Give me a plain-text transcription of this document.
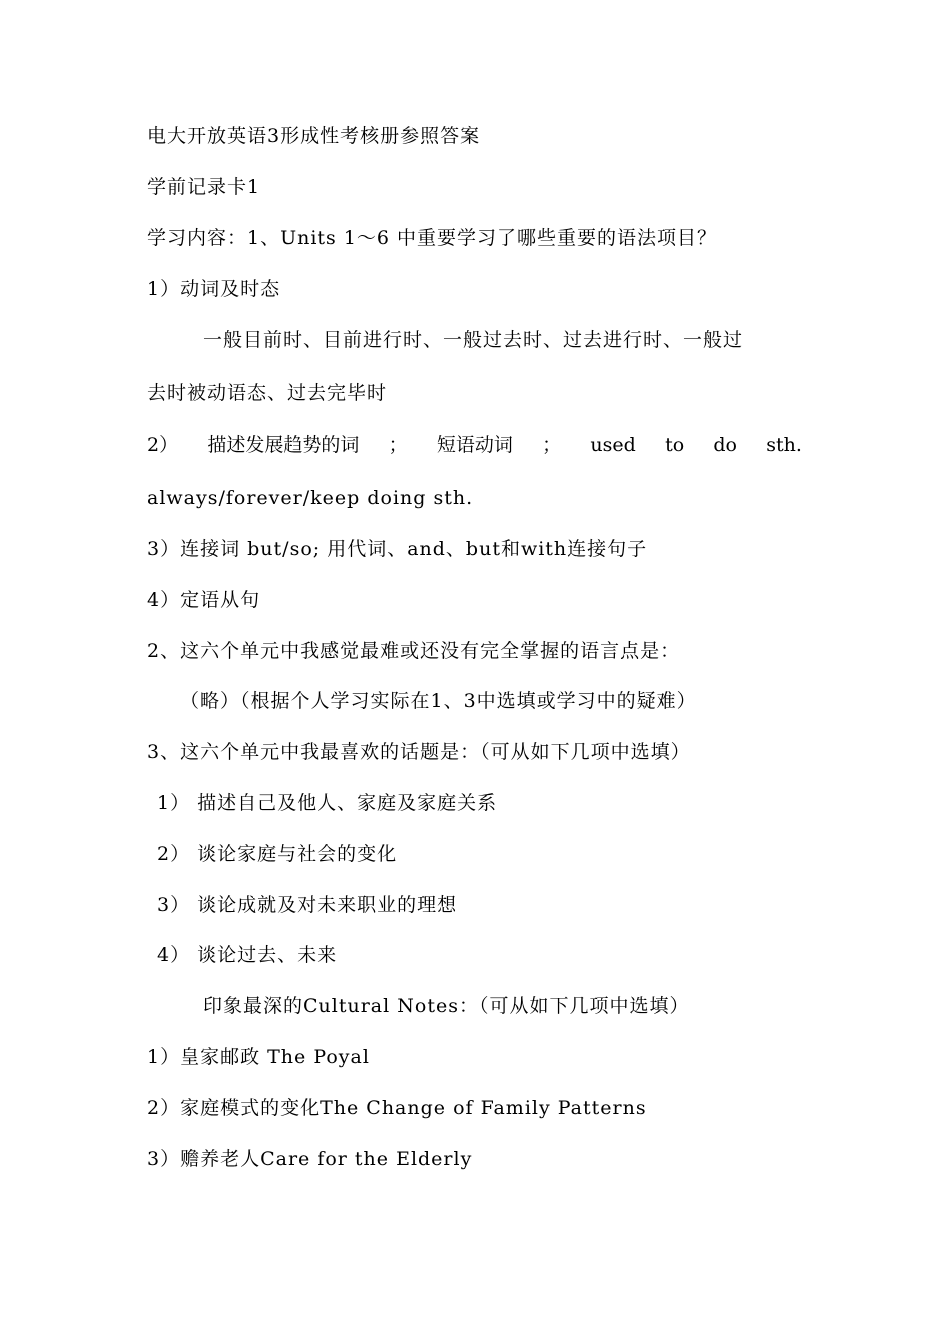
电大开放英语3形成性考核册参照答案
学前记录卡1
学习内容：1、Units 1～6 中重要学习了哪些重要的语法项目？
1）动词及时态
一般目前时、目前进行时、一般过去时、过去进行时、一般过
去时被动语态、过去完毕时
2） 描述发展趋势的词 ； 短语动词 ； used to do sth.
always/forever/keep doing sth.
3）连接词 but/so; 用代词、and、but和with连接句子
4）定语从句
2、这六个单元中我感觉最难或还没有完全掌握的语言点是：
（略）（根据个人学习实际在1、3中选填或学习中的疑难）
3、这六个单元中我最喜欢的话题是：（可从如下几项中选填）
1） 描述自己及他人、家庭及家庭关系
2） 谈论家庭与社会的变化
3） 谈论成就及对未来职业的理想
4） 谈论过去、未来
印象最深的Cultural Notes：（可从如下几项中选填）
1）皇家邮政 The Poyal
2）家庭模式的变化The Change of Family Patterns
3）赡养老人Care for the Elderly
